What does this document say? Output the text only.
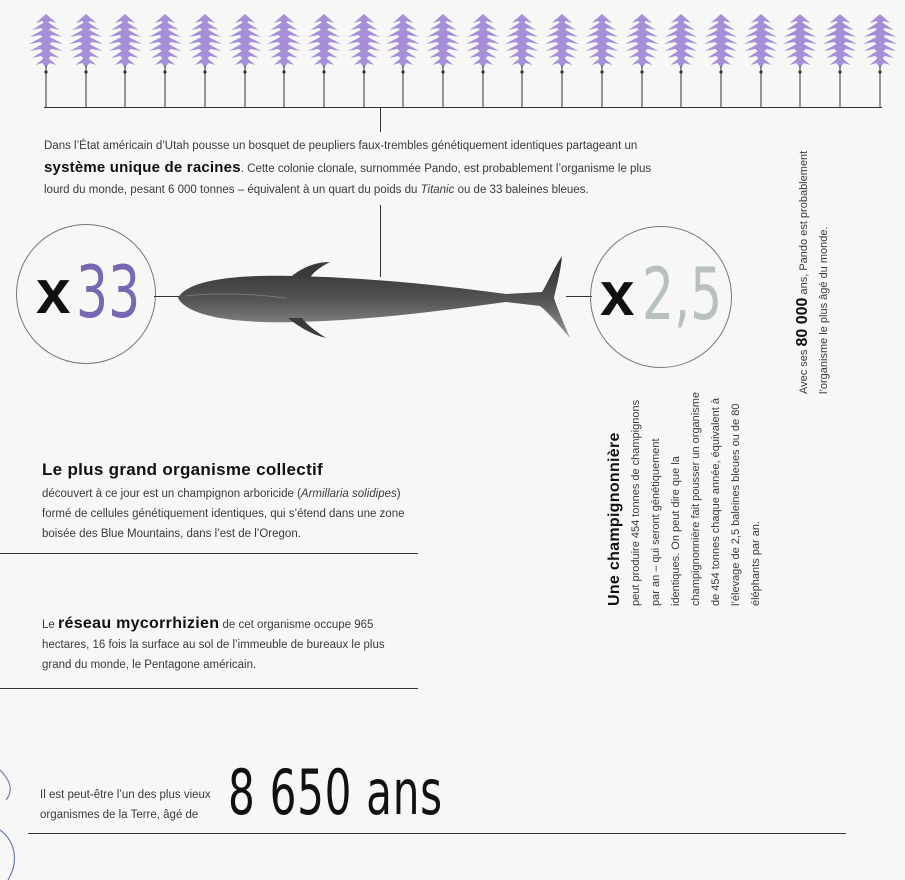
Dans l’État américain d’Utah pousse un bosquet de peupliers faux-trembles génétiquement identiques partageant un système unique de racines. Cette colonie clonale, surnommée Pando, est probablement l’organisme le plus lourd du monde, pesant 6 000 tonnes – équivalent à un quart du poids du Titanic ou de 33 baleines bleues.
x 33	x 2,5
Le plus grand organisme collectif

découvert à ce jour est un champignon arboricide (Armillaria solidipes) formé de cellules génétiquement identiques, qui s’étend dans une zone boisée des Blue Mountains, dans l’est de l’Oregon.

Le réseau mycorrhizien de cet organisme occupe 965 hectares, 16 fois la surface au sol de l’immeuble de bureaux le plus grand du monde, le Pentagone américain.
Il est peut-être l’un des plus vieux organismes de la Terre, âgé de 8 650 ans
Une champignonnière peut produire 454 tonnes de champignons par an – qui seront génétiquement identiques. On peut dire que la champignonnière fait pousser un organisme de 454 tonnes chaque année, équivalent à l’élevage de 2,5 baleines bleues ou de 80 éléphants par an.

Avec ses 80 000 ans, Pando est probablement l’organisme le plus âgé du monde.
